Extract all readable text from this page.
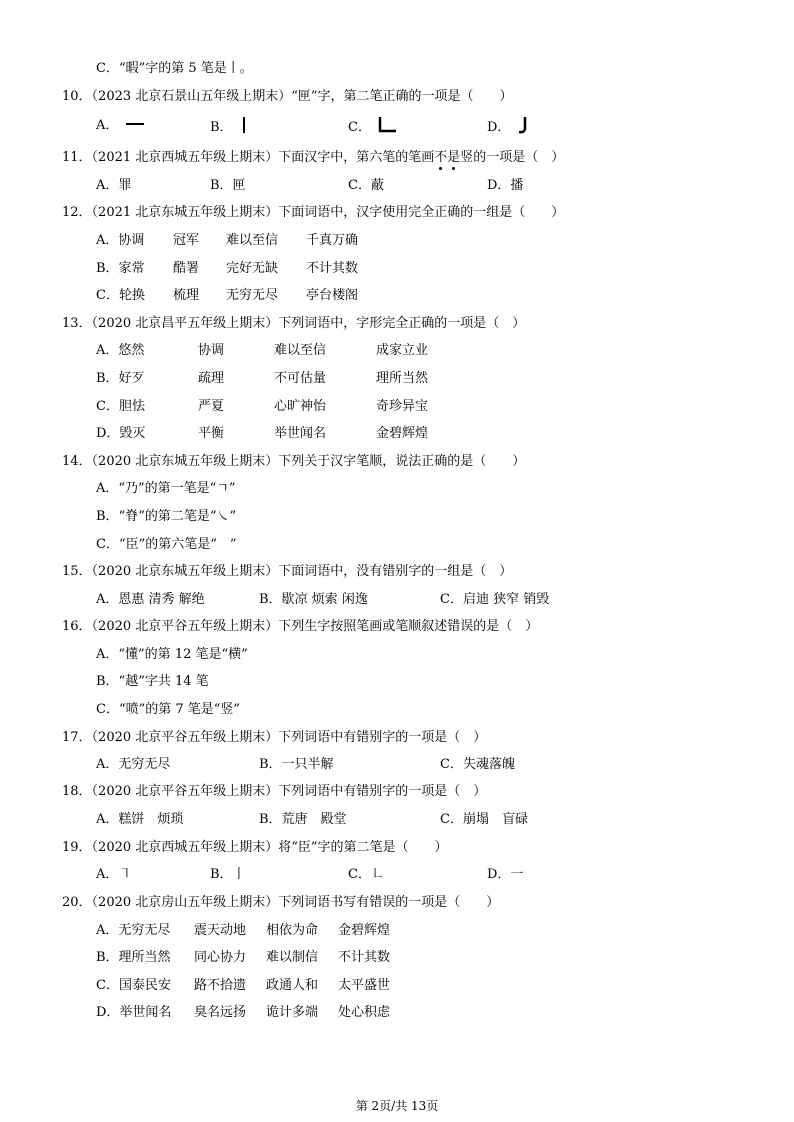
C．“暇”字的第 5 笔是丨。
10．（2023 北京石景山五年级上期末）“匣”字，第二笔正确的一项是（　　）
A．	B．	C．	D．
11．（2021 北京西城五年级上期末）下面汉字中，第六笔的笔画不是竖的一项是（　）
A．罪	B．匣	C．蔽	D．播
12．（2021 北京东城五年级上期末）下面词语中，汉字使用完全正确的一组是（　　）
A．协调 冠军 难以至信 千真万确
B．家常 酷署 完好无缺 不计其数
C．轮换 梳理 无穷无尽 亭台楼阁
13．（2020 北京昌平五年级上期末）下列词语中，字形完全正确的一项是（　）
A．悠然	协调	难以至信	成家立业
B．好歹	疏理	不可估量	理所当然
C．胆怯	严夏	心旷神怡	奇珍异宝
D．毁灭	平衡	举世闻名	金碧辉煌
14．（2020 北京东城五年级上期末）下列关于汉字笔顺，说法正确的是（　　）
A．“乃”的第一笔是“ㄱ”
B．“脊”的第二笔是“㇏”
C．“臣”的第六笔是“　”
15．（2020 北京东城五年级上期末）下面词语中，没有错别字的一组是（　）
A．恩惠 清秀 解绝	B．歇凉 烦索 闲逸	C．启迪 狭窄 销毁
16．（2020 北京平谷五年级上期末）下列生字按照笔画或笔顺叙述错误的是（　）
A．“懂”的第 12 笔是“横”
B．“越”字共 14 笔
C．“喷”的第 7 笔是“竖”
17．（2020 北京平谷五年级上期末）下列词语中有错别字的一项是（　）
A．无穷无尽	B．一只半解	C．失魂落魄
18．（2020 北京平谷五年级上期末）下列词语中有错别字的一项是（　）
A．糕饼　烦琐	B．荒唐　殿堂	C．崩塌　盲碌
19．（2020 北京西城五年级上期末）将“臣”字的第二笔是（　　）
A．㇕	B．丨	C．㇗	D．一
20．（2020 北京房山五年级上期末）下列词语书写有错误的一项是（　　）
A．无穷无尽 震天动地 相依为命 金碧辉煌
B．理所当然 同心协力 难以制信 不计其数
C．国泰民安 路不拾遗 政通人和 太平盛世
D．举世闻名 臭名远扬 诡计多端 处心积虑
第 2页/共 13页
